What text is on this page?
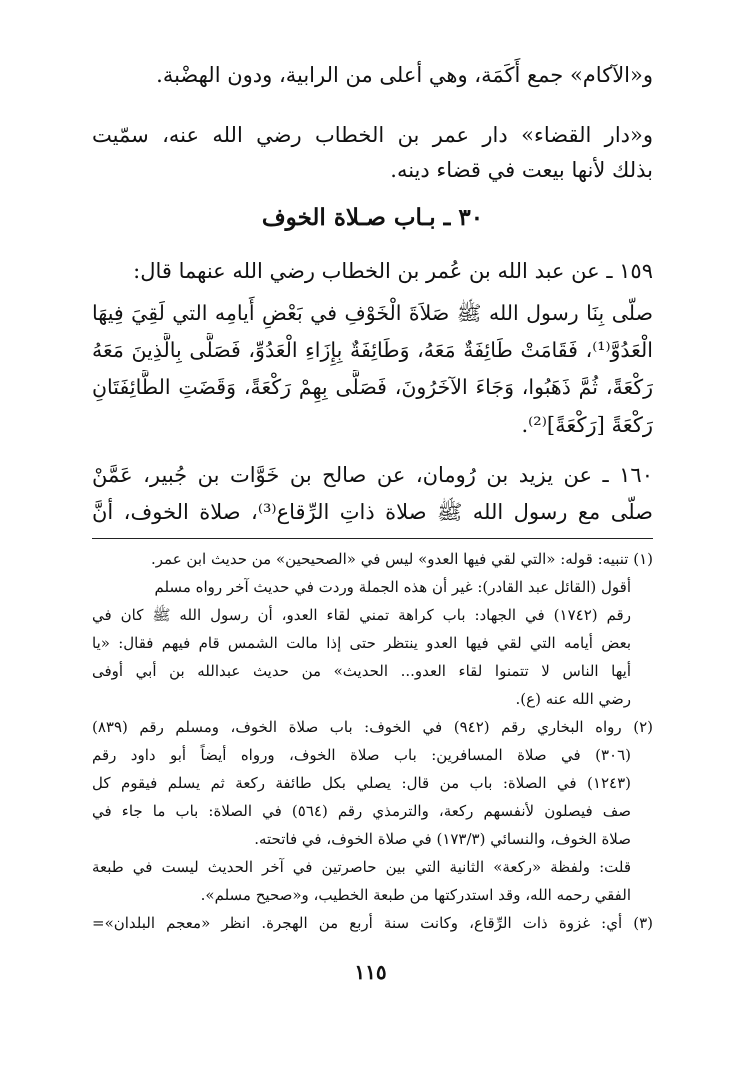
و«الآكام» جمع أَكَمَة، وهي أعلى من الرابية، ودون الهضْبة.
و«دار القضاء» دار عمر بن الخطاب رضي الله عنه، سمّيت
بذلك لأنها بيعت في قضاء دينه.
٣٠ ـ بـاب صـلاة الخوف
١٥٩ ـ عن عبد الله بن عُمر بن الخطاب رضي الله عنهما قال:
صلّى بِنَا رسول الله ﷺ صَلاَةَ الْخَوْفِ في بَعْضِ أَيامِه التي لَقِيَ فِيهَا
الْعَدُوَّ⁽¹⁾، فَقَامَتْ طَائِفَةٌ مَعَهُ، وَطَائِفَةٌ بِإِزَاءِ الْعَدُوِّ، فَصَلَّى بِالَّذِينَ مَعَهُ
رَكْعَةً، ثُمَّ ذَهَبُوا، وَجَاءَ الآخَرُونَ، فَصَلَّى بِهِمْ رَكْعَةً، وَقَضَتِ الطَّائِفَتَانِ
رَكْعَةً [رَكْعَةً]⁽²⁾.
١٦٠ ـ عن يزيد بن رُومان، عن صالح بن خَوَّات بن جُبير، عَمَّنْ
صلّى مع رسول الله ﷺ صلاة ذاتِ الرِّقاع⁽³⁾، صلاة الخوف، أنَّ
(١) تنبيه: قوله: «التي لقي فيها العدو» ليس في «الصحيحين» من حديث ابن عمر.
أقول (القائل عبد القادر): غير أن هذه الجملة وردت في حديث آخر رواه مسلم
رقم (١٧٤٢) في الجهاد: باب كراهة تمني لقاء العدو، أن رسول الله ﷺ كان في
بعض أيامه التي لقي فيها العدو ينتظر حتى إذا مالت الشمس قام فيهم فقال: «يا
أيها الناس لا تتمنوا لقاء العدو... الحديث» من حديث عبدالله بن أبي أوفى
رضي الله عنه (ع).
(٢) رواه البخاري رقم (٩٤٢) في الخوف: باب صلاة الخوف، ومسلم رقم (٨٣٩)
(٣٠٦) في صلاة المسافرين: باب صلاة الخوف، ورواه أيضاً أبو داود رقم
(١٢٤٣) في الصلاة: باب من قال: يصلي بكل طائفة ركعة ثم يسلم فيقوم كل
صف فيصلون لأنفسهم ركعة، والترمذي رقم (٥٦٤) في الصلاة: باب ما جاء في
صلاة الخوف، والنسائي (١٧٣/٣) في صلاة الخوف، في فاتحته.
قلت: ولفظة «ركعة» الثانية التي بين حاصرتين في آخر الحديث ليست في طبعة
الفقي رحمه الله، وقد استدركتها من طبعة الخطيب، و«صحيح مسلم».
(٣) أي: غزوة ذات الرِّقاع، وكانت سنة أربع من الهجرة. انظر «معجم البلدان»=
١١٥
